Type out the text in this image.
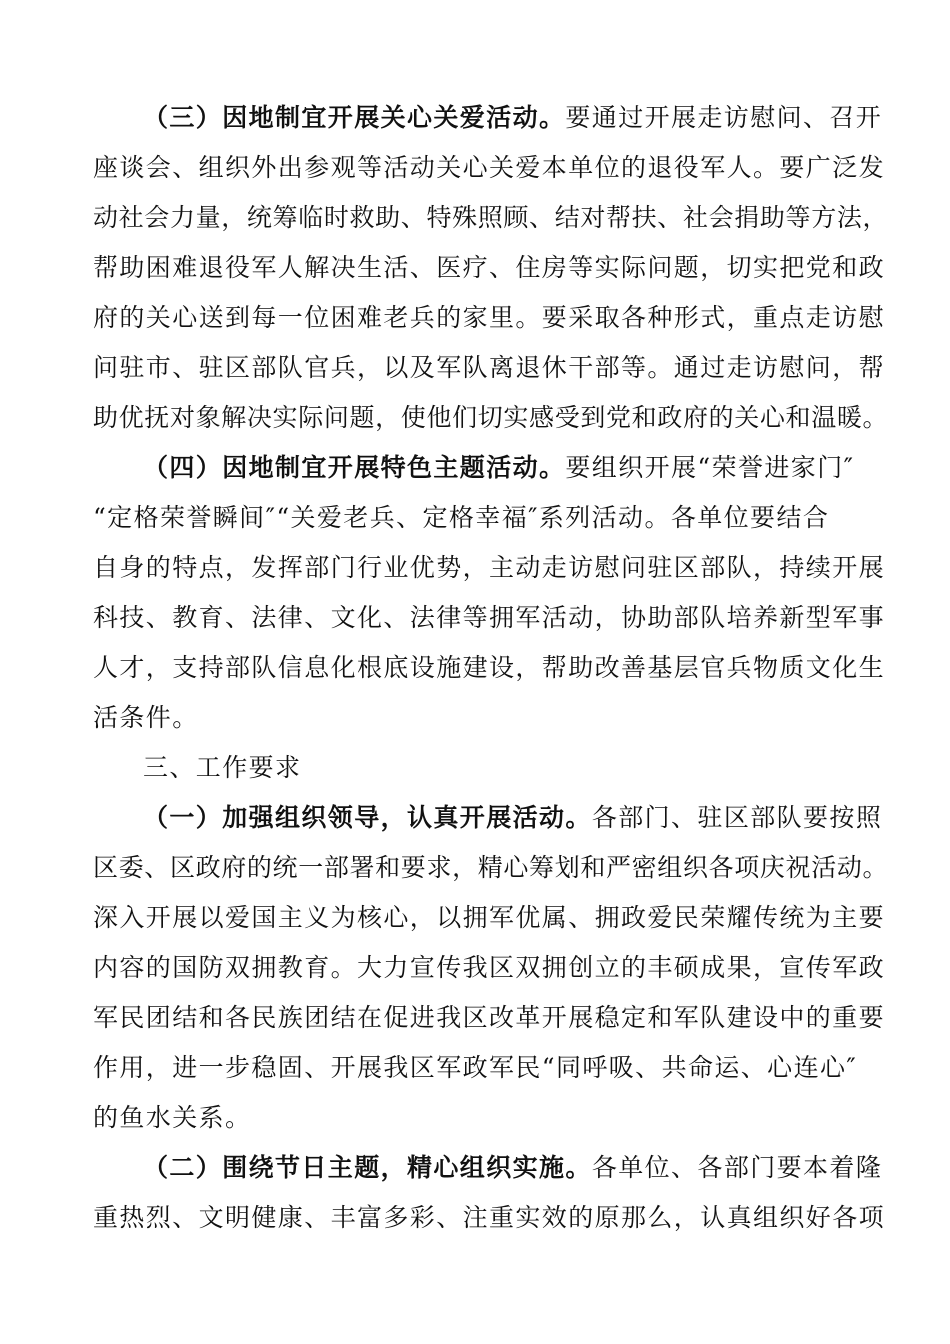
（三）因地制宜开展关心关爱活动。要通过开展走访慰问、召开
座谈会、组织外出参观等活动关心关爱本单位的退役军人。要广泛发
动社会力量，统筹临时救助、特殊照顾、结对帮扶、社会捐助等方法，
帮助困难退役军人解决生活、医疗、住房等实际问题，切实把党和政
府的关心送到每一位困难老兵的家里。要采取各种形式，重点走访慰
问驻市、驻区部队官兵，以及军队离退休干部等。通过走访慰问，帮
助优抚对象解决实际问题，使他们切实感受到党和政府的关心和温暖。
（四）因地制宜开展特色主题活动。要组织开展“荣誉进家门″
“定格荣誉瞬间″“关爱老兵、定格幸福″系列活动。各单位要结合
自身的特点，发挥部门行业优势，主动走访慰问驻区部队，持续开展
科技、教育、法律、文化、法律等拥军活动，协助部队培养新型军事
人才，支持部队信息化根底设施建设，帮助改善基层官兵物质文化生
活条件。
三、工作要求
（一）加强组织领导，认真开展活动。各部门、驻区部队要按照
区委、区政府的统一部署和要求，精心筹划和严密组织各项庆祝活动。
深入开展以爱国主义为核心，以拥军优属、拥政爱民荣耀传统为主要
内容的国防双拥教育。大力宣传我区双拥创立的丰硕成果，宣传军政
军民团结和各民族团结在促进我区改革开展稳定和军队建设中的重要
作用，进一步稳固、开展我区军政军民“同呼吸、共命运、心连心″
的鱼水关系。
（二）围绕节日主题，精心组织实施。各单位、各部门要本着隆
重热烈、文明健康、丰富多彩、注重实效的原那么，认真组织好各项
